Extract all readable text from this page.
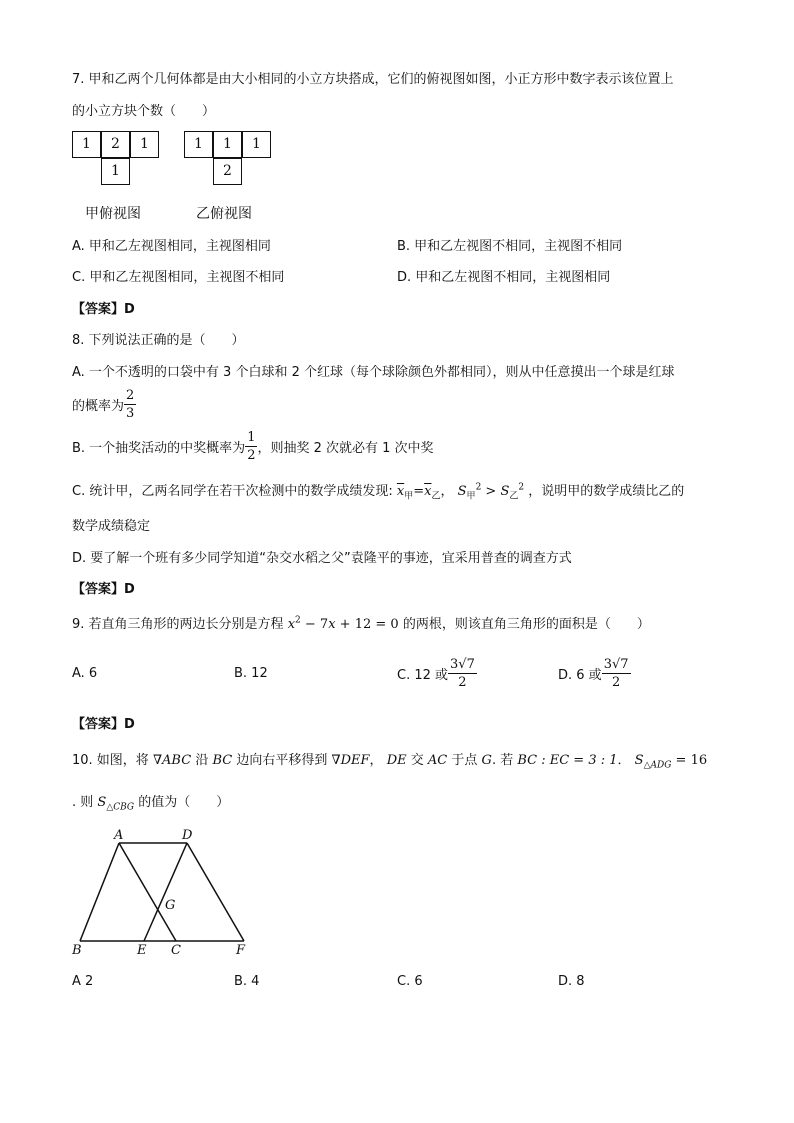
7. 甲和乙两个几何体都是由大小相同的小立方块搭成，它们的俯视图如图，小正方形中数字表示该位置上
的小立方块个数（　　）
1	2	1
1
1	1	1
2
甲俯视图	乙俯视图
A. 甲和乙左视图相同，主视图相同	B. 甲和乙左视图不相同，主视图不相同
C. 甲和乙左视图相同，主视图不相同	D. 甲和乙左视图不相同，主视图相同
【答案】D
8. 下列说法正确的是（　　）
A. 一个不透明的口袋中有 3 个白球和 2 个红球（每个球除颜色外都相同），则从中任意摸出一个球是红球
的概率为 $\frac{2}{3}$
B. 一个抽奖活动的中奖概率为 $\frac{1}{2}$ ，则抽奖 2 次就必有 1 次中奖
C. 统计甲，乙两名同学在若干次检测中的数学成绩发现: $\overline{x}_甲=\overline{x}_乙$， $S_甲^2 > S_乙^2$ ，说明甲的数学成绩比乙的
数学成绩稳定
D. 要了解一个班有多少同学知道“杂交水稻之父”袁隆平的事迹，宜采用普查的调查方式
【答案】D
9. 若直角三角形的两边长分别是方程 $x^2 - 7x + 12 = 0$ 的两根，则该直角三角形的面积是（　　）
A. 6	B. 12	C. 12 或 $\frac{3√7}{2}$	D. 6 或 $\frac{3√7}{2}$
【答案】D
10. 如图，将 ∇ABC 沿 BC 边向右平移得到 ∇DEF， DE 交 AC 于点 G. 若 BC : EC = 3 : 1． $S_{\triangle ADG} = 16$
. 则 $S_{\triangle CBG}$ 的值为（　　）
A	D
G
B	E C	F
A 2	B. 4	C. 6	D. 8
